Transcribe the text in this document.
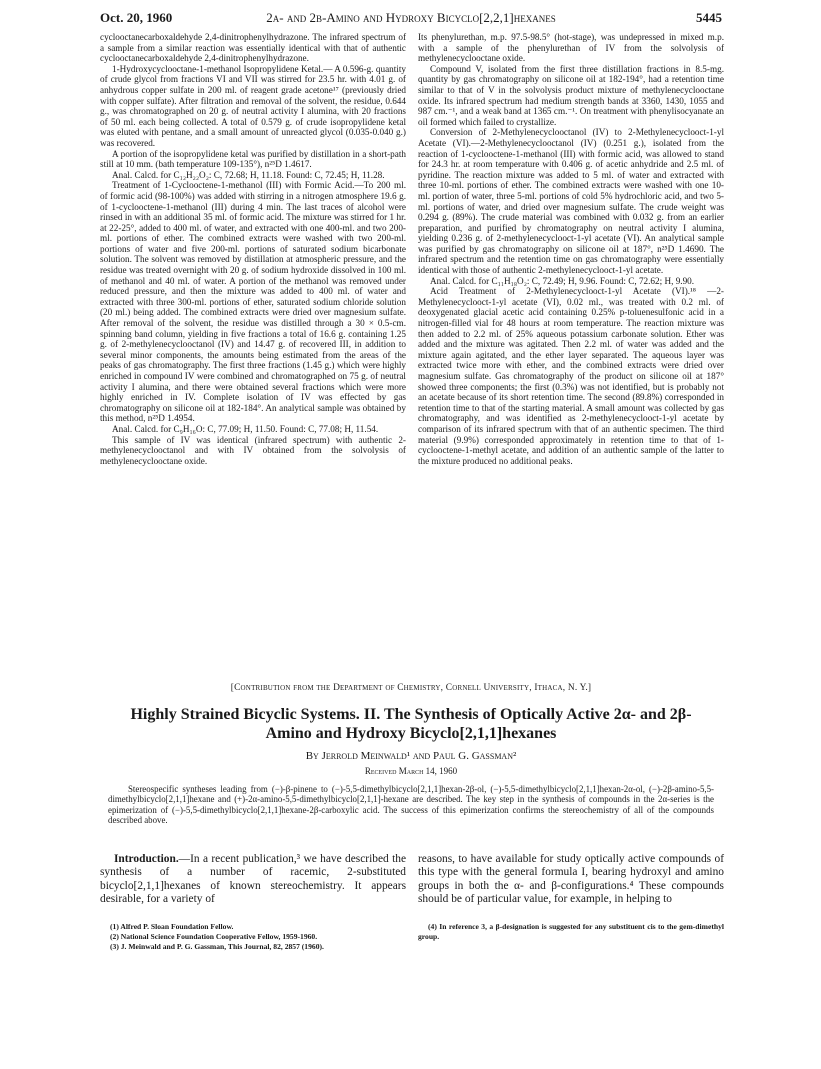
Oct. 20, 1960	2α- and 2β-Amino and Hydroxy Bicyclo[2,2,1]hexanes	5445

cyclooctanecarboxaldehyde 2,4-dinitrophenylhydrazone. The infrared spectrum of a sample from a similar reaction was essentially identical with that of authentic cyclooctanecarboxaldehyde 2,4-dinitrophenylhydrazone.

1-Hydroxycyclooctane-1-methanol Isopropylidene Ketal.— A 0.596-g. quantity of crude glycol from fractions VI and VII was stirred for 23.5 hr. with 4.01 g. of anhydrous copper sulfate in 200 ml. of reagent grade acetone¹⁷ (previously dried with copper sulfate). After filtration and removal of the solvent, the residue, 0.644 g., was chromatographed on 20 g. of neutral activity I alumina, with 20 fractions of 50 ml. each being collected. A total of 0.579 g. of crude isopropylidene ketal was eluted with pentane, and a small amount of unreacted glycol (0.035-0.040 g.) was recovered.

A portion of the isopropylidene ketal was purified by distillation in a short-path still at 10 mm. (bath temperature 109-135°), n²⁵D 1.4617.

Anal. Calcd. for C₁₂H₂₂O₂: C, 72.68; H, 11.18. Found: C, 72.45; H, 11.28.

Treatment of 1-Cyclooctene-1-methanol (III) with Formic Acid.—To 200 ml. of formic acid (98-100%) was added with stirring in a nitrogen atmosphere 19.6 g. of 1-cyclooctene-1-methanol (III) during 4 min. The last traces of alcohol were rinsed in with an additional 35 ml. of formic acid. The mixture was stirred for 1 hr. at 22-25°, added to 400 ml. of water, and extracted with one 400-ml. and two 200-ml. portions of ether. The combined extracts were washed with two 200-ml. portions of water and five 200-ml. portions of saturated sodium bicarbonate solution. The solvent was removed by distillation at atmospheric pressure, and the residue was treated overnight with 20 g. of sodium hydroxide dissolved in 100 ml. of methanol and 40 ml. of water. A portion of the methanol was removed under reduced pressure, and then the mixture was added to 400 ml. of water and extracted with three 300-ml. portions of ether, saturated sodium chloride solution (20 ml.) being added. The combined extracts were dried over magnesium sulfate. After removal of the solvent, the residue was distilled through a 30 × 0.5-cm. spinning band column, yielding in five fractions a total of 16.6 g. containing 1.25 g. of 2-methylenecyclooctanol (IV) and 14.47 g. of recovered III, in addition to several minor components, the amounts being estimated from the areas of the peaks of gas chromatography. The first three fractions (1.45 g.) which were highly enriched in compound IV were combined and chromatographed on 75 g. of neutral activity I alumina, and there were obtained several fractions which were more highly enriched in IV. Complete isolation of IV was effected by gas chromatography on silicone oil at 182-184°. An analytical sample was obtained by this method, n²⁵D 1.4954.

Anal. Calcd. for C₉H₁₆O: C, 77.09; H, 11.50. Found: C, 77.08; H, 11.54.

This sample of IV was identical (infrared spectrum) with authentic 2-methylenecyclooctanol and with IV obtained from the solvolysis of methylenecyclooctane oxide.

Its phenylurethan, m.p. 97.5-98.5° (hot-stage), was undepressed in mixed m.p. with a sample of the phenylurethan of IV from the solvolysis of methylenecyclooctane oxide.

Compound V, isolated from the first three distillation fractions in 8.5-mg. quantity by gas chromatography on silicone oil at 182-194°, had a retention time similar to that of V in the solvolysis product mixture of methylenecyclooctane oxide. Its infrared spectrum had medium strength bands at 3360, 1430, 1055 and 987 cm.⁻¹, and a weak band at 1365 cm.⁻¹. On treatment with phenylisocyanate an oil formed which failed to crystallize.

Conversion of 2-Methylenecyclooctanol (IV) to 2-Methylenecyclooct-1-yl Acetate (VI).—2-Methylenecyclooctanol (IV) (0.251 g.), isolated from the reaction of 1-cyclooctene-1-methanol (III) with formic acid, was allowed to stand for 24.3 hr. at room temperature with 0.406 g. of acetic anhydride and 2.5 ml. of pyridine. The reaction mixture was added to 5 ml. of water and extracted with three 10-ml. portions of ether. The combined extracts were washed with one 10-ml. portion of water, three 5-ml. portions of cold 5% hydrochloric acid, and two 5-ml. portions of water, and dried over magnesium sulfate. The crude weight was 0.294 g. (89%). The crude material was combined with 0.032 g. from an earlier preparation, and purified by chromatography on neutral activity I alumina, yielding 0.236 g. of 2-methylenecyclooct-1-yl acetate (VI). An analytical sample was purified by gas chromatography on silicone oil at 187°, n²⁵D 1.4690. The infrared spectrum and the retention time on gas chromatography were essentially identical with those of authentic 2-methylenecyclooct-1-yl acetate.

Anal. Calcd. for C₁₁H₁₈O₂: C, 72.49; H, 9.96. Found: C, 72.62; H, 9.90.

Acid Treatment of 2-Methylenecyclooct-1-yl Acetate (VI).¹⁸ —2-Methylenecyclooct-1-yl acetate (VI), 0.02 ml., was treated with 0.2 ml. of deoxygenated glacial acetic acid containing 0.25% p-toluenesulfonic acid in a nitrogen-filled vial for 48 hours at room temperature. The reaction mixture was then added to 2.2 ml. of 25% aqueous potassium carbonate solution. Ether was added and the mixture was agitated. Then 2.2 ml. of water was added and the mixture again agitated, and the ether layer separated. The aqueous layer was extracted twice more with ether, and the combined extracts were dried over magnesium sulfate. Gas chromatography of the product on silicone oil at 187° showed three components; the first (0.3%) was not identified, but is probably not an acetate because of its short retention time. The second (89.8%) corresponded in retention time to that of the starting material. A small amount was collected by gas chromatography, and was identified as 2-methylenecyclooct-1-yl acetate by comparison of its infrared spectrum with that of an authentic specimen. The third material (9.9%) corresponded approximately in retention time to that of 1-cyclooctene-1-methyl acetate, and addition of an authentic sample of the latter to the mixture produced no additional peaks.

[Contribution from the Department of Chemistry, Cornell University, Ithaca, N. Y.]
Highly Strained Bicyclic Systems. II. The Synthesis of Optically Active 2α- and 2β-Amino and Hydroxy Bicyclo[2,1,1]hexanes
By Jerrold Meinwald¹ and Paul G. Gassman²
Received March 14, 1960
Stereospecific syntheses leading from (−)-β-pinene to (−)-5,5-dimethylbicyclo[2,1,1]hexan-2β-ol, (−)-5,5-dimethylbicyclo[2,1,1]hexan-2α-ol, (−)-2β-amino-5,5-dimethylbicyclo[2,1,1]hexane and (+)-2α-amino-5,5-dimethylbicyclo[2,1,1]-hexane are described. The key step in the synthesis of compounds in the 2α-series is the epimerization of (−)-5,5-dimethylbicyclo[2,1,1]hexane-2β-carboxylic acid. The success of this epimerization confirms the stereochemistry of all of the compounds described above.

Introduction.—In a recent publication,³ we have described the synthesis of a number of racemic, 2-substituted bicyclo[2,1,1]hexanes of known stereochemistry. It appears desirable, for a variety of

reasons, to have available for study optically active compounds of this type with the general formula I, bearing hydroxyl and amino groups in both the α- and β-configurations.⁴ These compounds should be of particular value, for example, in helping to

(1) Alfred P. Sloan Foundation Fellow.
(2) National Science Foundation Cooperative Fellow, 1959-1960.
(3) J. Meinwald and P. G. Gassman, This Journal, 82, 2857 (1960).
(4) In reference 3, a β-designation is suggested for any substituent cis to the gem-dimethyl group.
